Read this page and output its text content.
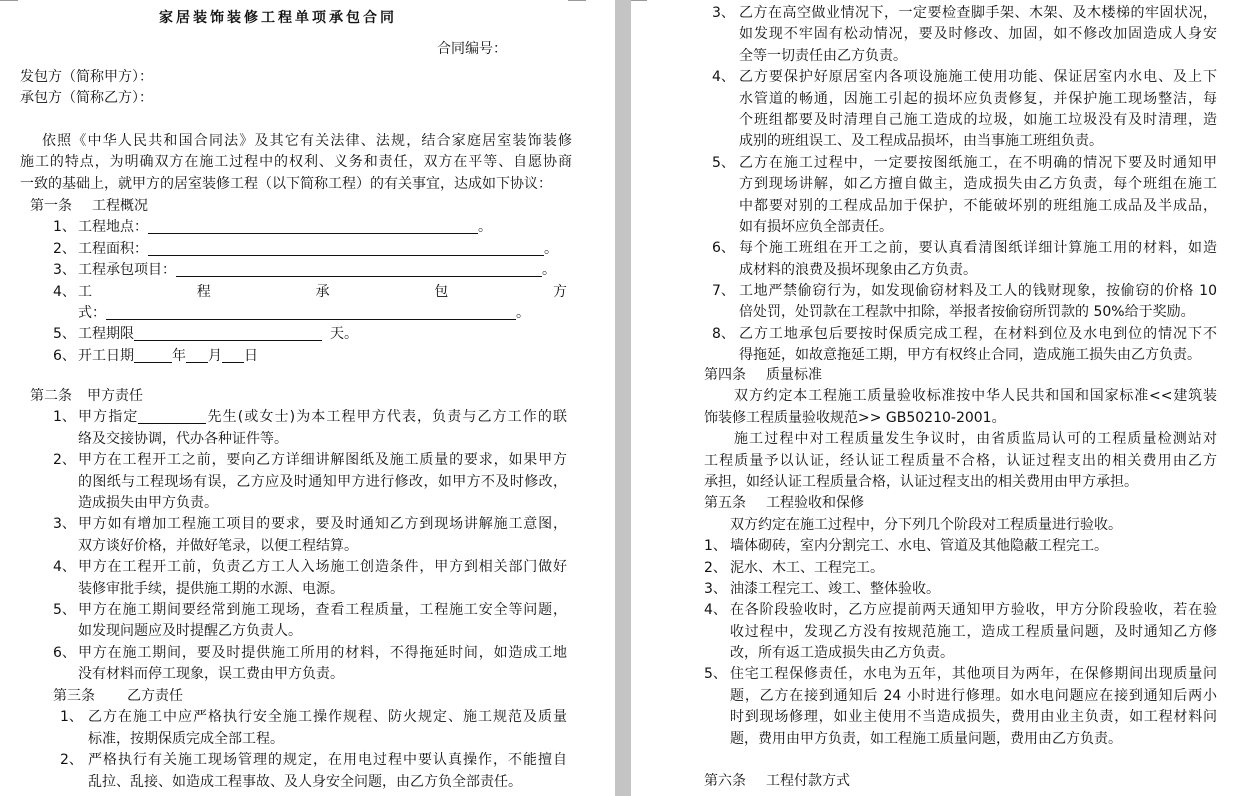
家居装饰装修工程单项承包合同
合同编号：
发包方（简称甲方）：
承包方（简称乙方）：
依照《中华人民共和国合同法》及其它有关法律、法规，结合家庭居室装饰装修
施工的特点，为明确双方在施工过程中的权利、义务和责任，双方在平等、自愿协商
一致的基础上，就甲方的居室装修工程（以下简称工程）的有关事宜，达成如下协议：
第一条 工程概况
1、 工程地点：	。
2、 工程面积：	。
3、 工程承包项目：	。
4、 工	程	承	包	方
式：	。
5、 工程期限	天。
6、 开工日期	年 月 日
第二条 甲方责任
1、 甲方指定	先生(或女士)为本工程甲方代表，负责与乙方工作的联
络及交接协调，代办各种证件等。
2、 甲方在工程开工之前，要向乙方详细讲解图纸及施工质量的要求，如果甲方
的图纸与工程现场有误，乙方应及时通知甲方进行修改，如甲方不及时修改，
造成损失由甲方负责。
3、 甲方如有增加工程施工项目的要求，要及时通知乙方到现场讲解施工意图，
双方谈好价格，并做好笔录，以便工程结算。
4、 甲方在工程开工前，负责乙方工人入场施工创造条件，甲方到相关部门做好
装修审批手续，提供施工期的水源、电源。
5、 甲方在施工期间要经常到施工现场，查看工程质量，工程施工安全等问题，
如发现问题应及时提醒乙方负责人。
6、 甲方在施工期间，要及时提供施工所用的材料，不得拖延时间，如造成工地
没有材料而停工现象，误工费由甲方负责。
第三条 乙方责任
1、 乙方在施工中应严格执行安全施工操作规程、防火规定、施工规范及质量
标准，按期保质完成全部工程。
2、 严格执行有关施工现场管理的规定，在用电过程中要认真操作，不能擅自
乱拉、乱接、如造成工程事故、及人身安全问题，由乙方负全部责任。
3、 乙方在高空做业情况下，一定要检查脚手架、木架、及木楼梯的牢固状况，
如发现不牢固有松动情况，要及时修改、加固，如不修改加固造成人身安
全等一切责任由乙方负责。
4、 乙方要保护好原居室内各项设施施工使用功能、保证居室内水电、及上下
水管道的畅通，因施工引起的损坏应负责修复，并保护施工现场整洁，每
个班组都要及时清理自己施工造成的垃圾，如施工垃圾没有及时清理，造
成别的班组误工、及工程成品损坏，由当事施工班组负责。
5、 乙方在施工过程中，一定要按图纸施工，在不明确的情况下要及时通知甲
方到现场讲解，如乙方擅自做主，造成损失由乙方负责，每个班组在施工
中都要对别的工程成品加于保护，不能破坏别的班组施工成品及半成品，
如有损坏应负全部责任。
6、 每个施工班组在开工之前，要认真看清图纸详细计算施工用的材料，如造
成材料的浪费及损坏现象由乙方负责。
7、 工地严禁偷窃行为，如发现偷窃材料及工人的钱财现象，按偷窃的价格 10
倍处罚，处罚款在工程款中扣除，举报者按偷窃所罚款的 50%给于奖励。
8、 乙方工地承包后要按时保质完成工程，在材料到位及水电到位的情况下不
得拖延，如故意拖延工期，甲方有权终止合同，造成施工损失由乙方负责。
第四条 质量标准
双方约定本工程施工质量验收标准按中华人民共和国和国家标准<<建筑装
饰装修工程质量验收规范>> GB50210-2001。
施工过程中对工程质量发生争议时，由省质监局认可的工程质量检测站对
工程质量予以认证，经认证工程质量不合格，认证过程支出的相关费用由乙方
承担，如经认证工程质量合格，认证过程支出的相关费用由甲方承担。
第五条 工程验收和保修
双方约定在施工过程中，分下列几个阶段对工程质量进行验收。
1、 墙体砌砖，室内分割完工、水电、管道及其他隐蔽工程完工。
2、 泥水、木工、工程完工。
3、 油漆工程完工、竣工、整体验收。
4、 在各阶段验收时，乙方应提前两天通知甲方验收，甲方分阶段验收，若在验
收过程中，发现乙方没有按规范施工，造成工程质量问题，及时通知乙方修
改，所有返工造成损失由乙方负责。
5、 住宅工程保修责任，水电为五年，其他项目为两年，在保修期间出现质量问
题，乙方在接到通知后 24 小时进行修理。如水电问题应在接到通知后两小
时到现场修理，如业主使用不当造成损失，费用由业主负责，如工程材料问
题，费用由甲方负责，如工程施工质量问题，费用由乙方负责。
第六条 工程付款方式
